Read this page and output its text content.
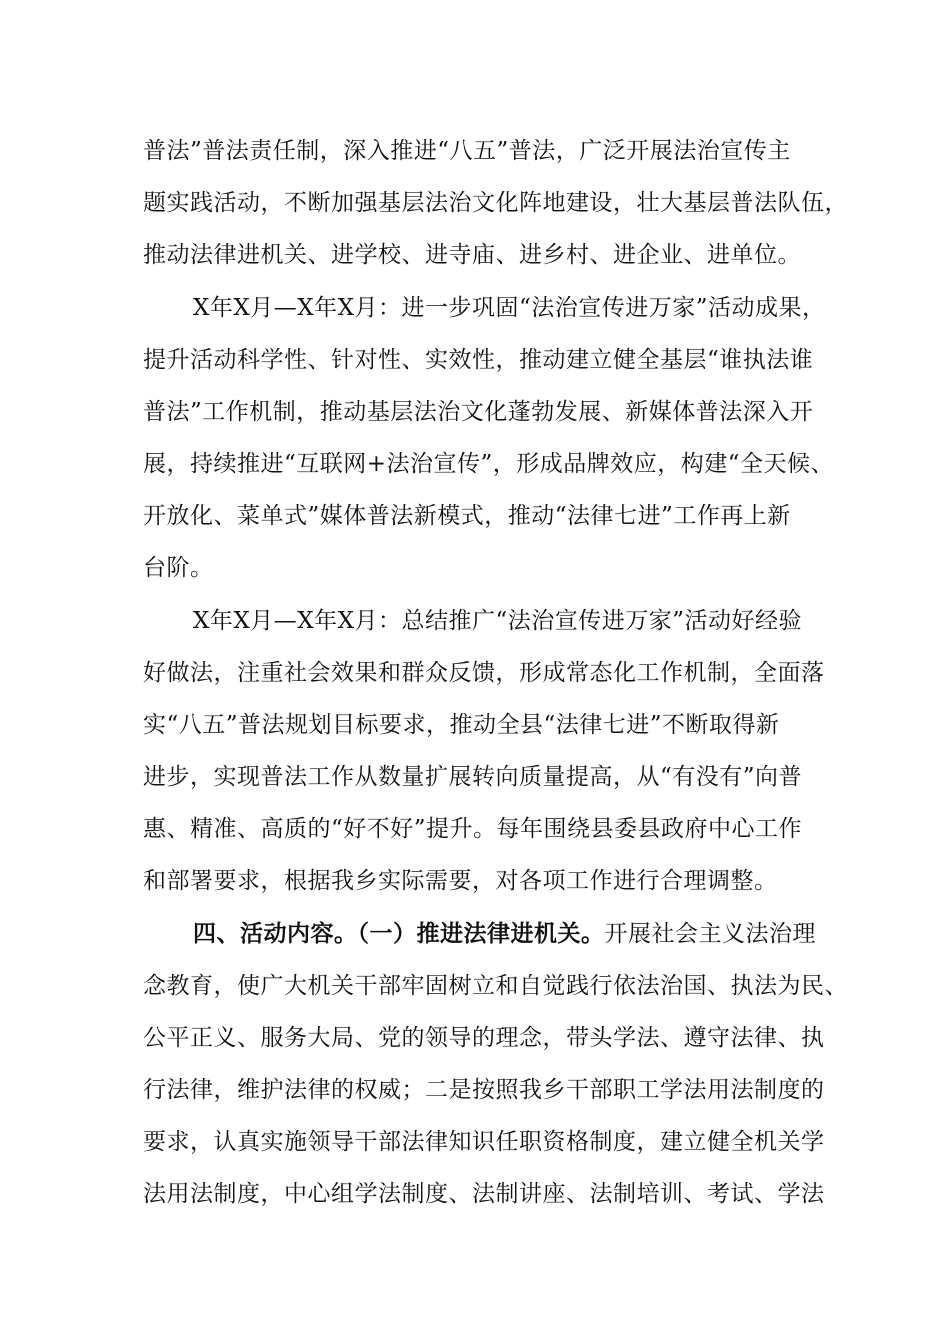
普法”普法责任制，深入推进“八五”普法，广泛开展法治宣传主
题实践活动，不断加强基层法治文化阵地建设，壮大基层普法队伍，
推动法律进机关、进学校、进寺庙、进乡村、进企业、进单位。
X年X月—X年X月：进一步巩固“法治宣传进万家”活动成果，
提升活动科学性、针对性、实效性，推动建立健全基层“谁执法谁
普法”工作机制，推动基层法治文化蓬勃发展、新媒体普法深入开
展，持续推进“互联网+法治宣传”，形成品牌效应，构建“全天候、
开放化、菜单式”媒体普法新模式，推动“法律七进”工作再上新
台阶。
X年X月—X年X月：总结推广“法治宣传进万家”活动好经验
好做法，注重社会效果和群众反馈，形成常态化工作机制，全面落
实“八五”普法规划目标要求，推动全县“法律七进”不断取得新
进步，实现普法工作从数量扩展转向质量提高，从“有没有”向普
惠、精准、高质的“好不好”提升。每年围绕县委县政府中心工作
和部署要求，根据我乡实际需要，对各项工作进行合理调整。
四、活动内容。（一）推进法律进机关。开展社会主义法治理
念教育，使广大机关干部牢固树立和自觉践行依法治国、执法为民、
公平正义、服务大局、党的领导的理念，带头学法、遵守法律、执
行法律，维护法律的权威；二是按照我乡干部职工学法用法制度的
要求，认真实施领导干部法律知识任职资格制度，建立健全机关学
法用法制度，中心组学法制度、法制讲座、法制培训、考试、学法
